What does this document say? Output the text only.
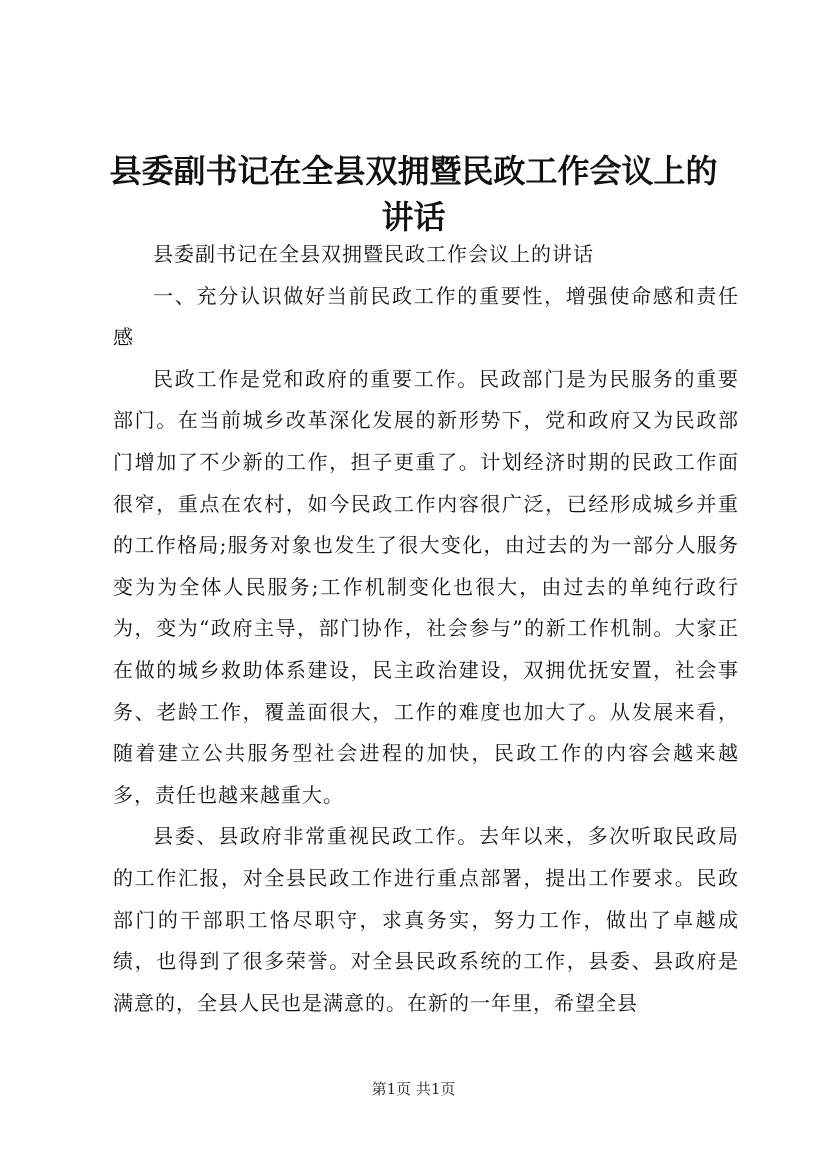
县委副书记在全县双拥暨民政工作会议上的讲话

县委副书记在全县双拥暨民政工作会议上的讲话

一、充分认识做好当前民政工作的重要性，增强使命感和责任感

民政工作是党和政府的重要工作。民政部门是为民服务的重要部门。在当前城乡改革深化发展的新形势下，党和政府又为民政部门增加了不少新的工作，担子更重了。计划经济时期的民政工作面很窄，重点在农村，如今民政工作内容很广泛，已经形成城乡并重的工作格局;服务对象也发生了很大变化，由过去的为一部分人服务变为为全体人民服务;工作机制变化也很大，由过去的单纯行政行为，变为“政府主导，部门协作，社会参与”的新工作机制。大家正在做的城乡救助体系建设，民主政治建设，双拥优抚安置，社会事务、老龄工作，覆盖面很大，工作的难度也加大了。从发展来看，随着建立公共服务型社会进程的加快，民政工作的内容会越来越多，责任也越来越重大。

县委、县政府非常重视民政工作。去年以来，多次听取民政局的工作汇报，对全县民政工作进行重点部署，提出工作要求。民政部门的干部职工恪尽职守，求真务实，努力工作，做出了卓越成绩，也得到了很多荣誉。对全县民政系统的工作，县委、县政府是满意的，全县人民也是满意的。在新的一年里，希望全县

第1页 共1页
